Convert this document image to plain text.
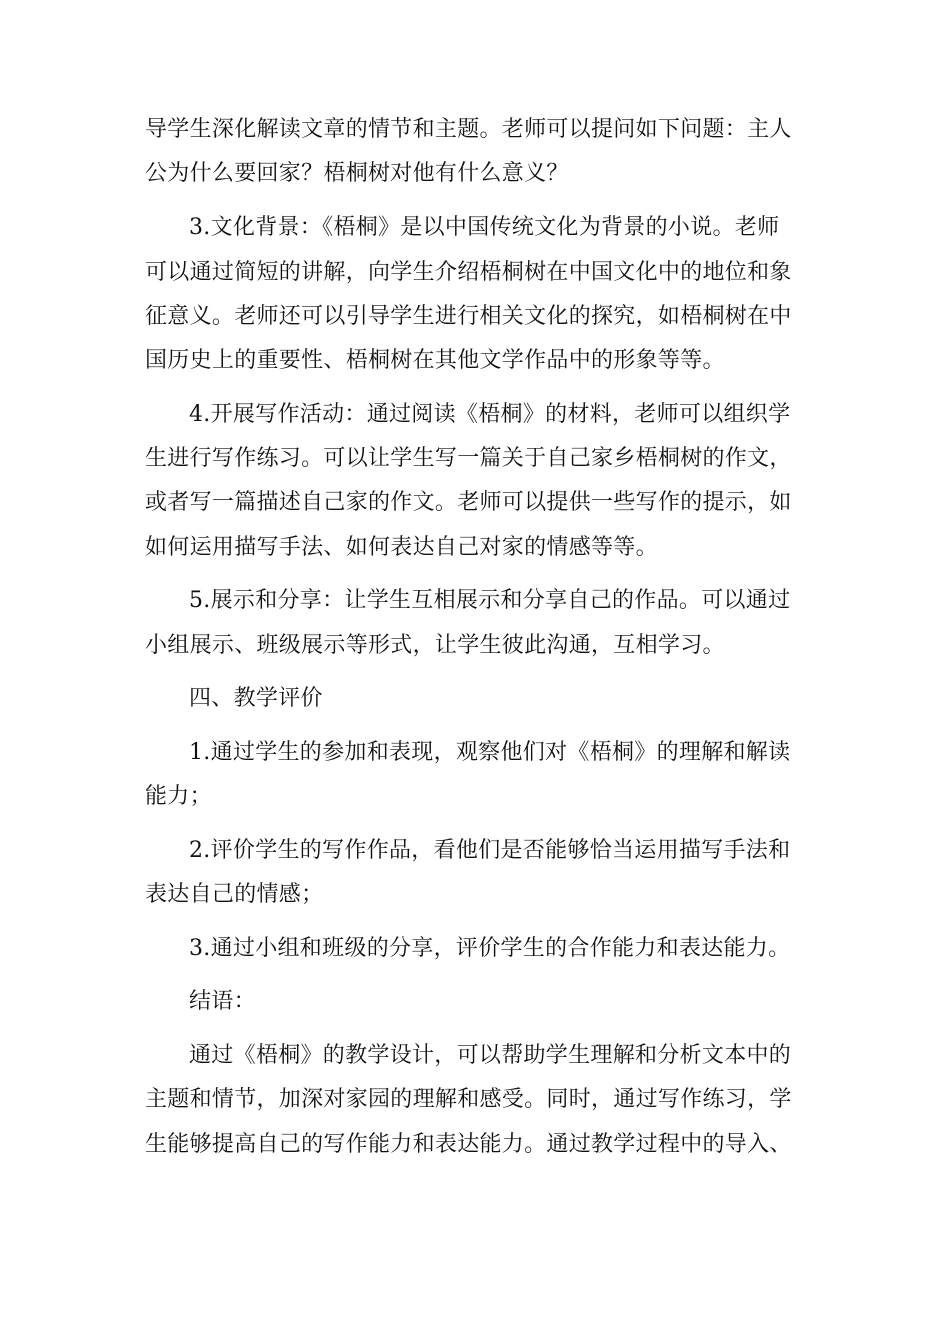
导学生深化解读文章的情节和主题。老师可以提问如下问题：主人
公为什么要回家？梧桐树对他有什么意义？
3.文化背景：《梧桐》是以中国传统文化为背景的小说。老师
可以通过简短的讲解，向学生介绍梧桐树在中国文化中的地位和象
征意义。老师还可以引导学生进行相关文化的探究，如梧桐树在中
国历史上的重要性、梧桐树在其他文学作品中的形象等等。
4.开展写作活动：通过阅读《梧桐》的材料，老师可以组织学
生进行写作练习。可以让学生写一篇关于自己家乡梧桐树的作文，
或者写一篇描述自己家的作文。老师可以提供一些写作的提示，如
如何运用描写手法、如何表达自己对家的情感等等。
5.展示和分享：让学生互相展示和分享自己的作品。可以通过
小组展示、班级展示等形式，让学生彼此沟通，互相学习。
四、教学评价
1.通过学生的参加和表现，观察他们对《梧桐》的理解和解读
能力；
2.评价学生的写作作品，看他们是否能够恰当运用描写手法和
表达自己的情感；
3.通过小组和班级的分享，评价学生的合作能力和表达能力。
结语：
通过《梧桐》的教学设计，可以帮助学生理解和分析文本中的
主题和情节，加深对家园的理解和感受。同时，通过写作练习，学
生能够提高自己的写作能力和表达能力。通过教学过程中的导入、
